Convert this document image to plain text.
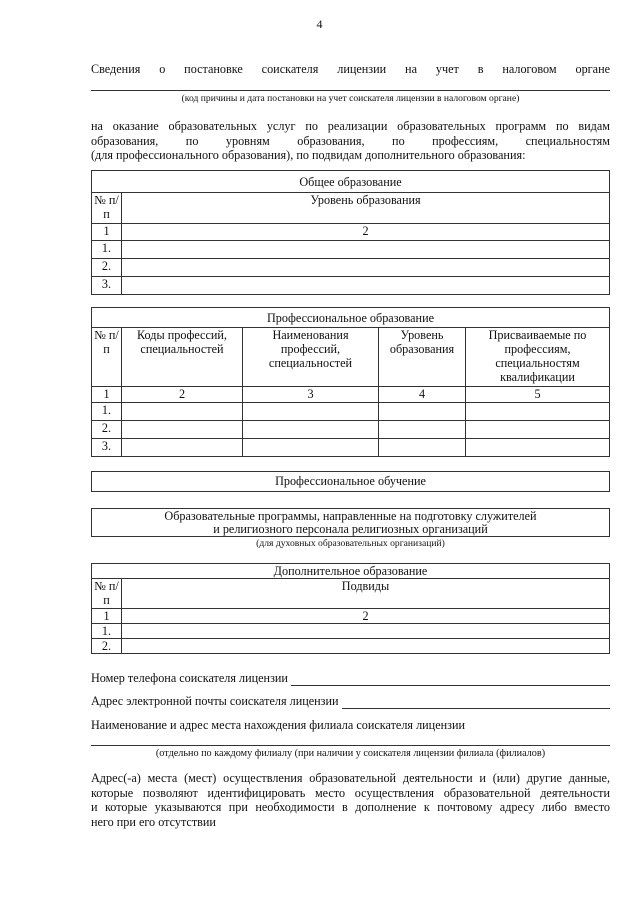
4
Сведения о постановке соискателя лицензии на учет в налоговом органе
(код причины и дата постановки на учет соискателя лицензии в налоговом органе)
на оказание образовательных услуг по реализации образовательных программ по видам
образования, по уровням образования, по профессиям, специальностям
(для профессионального образования), по подвидам дополнительного образования:
Общее образование	
№ п/п	Уровень образования
1	2
1.	
2.	
3.	
Профессиональное образование				
№ п/п	Коды профессий, специальностей	Наименования профессий, специальностей	Уровень образования	Присваиваемые по профессиям, специальностям квалификации
1	2	3	4	5
1.				
2.				
3.				
Профессиональное обучение
Образовательные программы, направленные на подготовку служителей
и религиозного персонала религиозных организаций
(для духовных образовательных организаций)
Дополнительное образование	
№ п/п	Подвиды
1	2
1.	
2.	
Номер телефона соискателя лицензии
Адрес электронной почты соискателя лицензии
Наименование и адрес места нахождения филиала соискателя лицензии
(отдельно по каждому филиалу (при наличии у соискателя лицензии филиала (филиалов)
Адрес(-а) места (мест) осуществления образовательной деятельности и (или) другие данные,
которые позволяют идентифицировать место осуществления образовательной деятельности
и которые указываются при необходимости в дополнение к почтовому адресу либо вместо
него при его отсутствии
